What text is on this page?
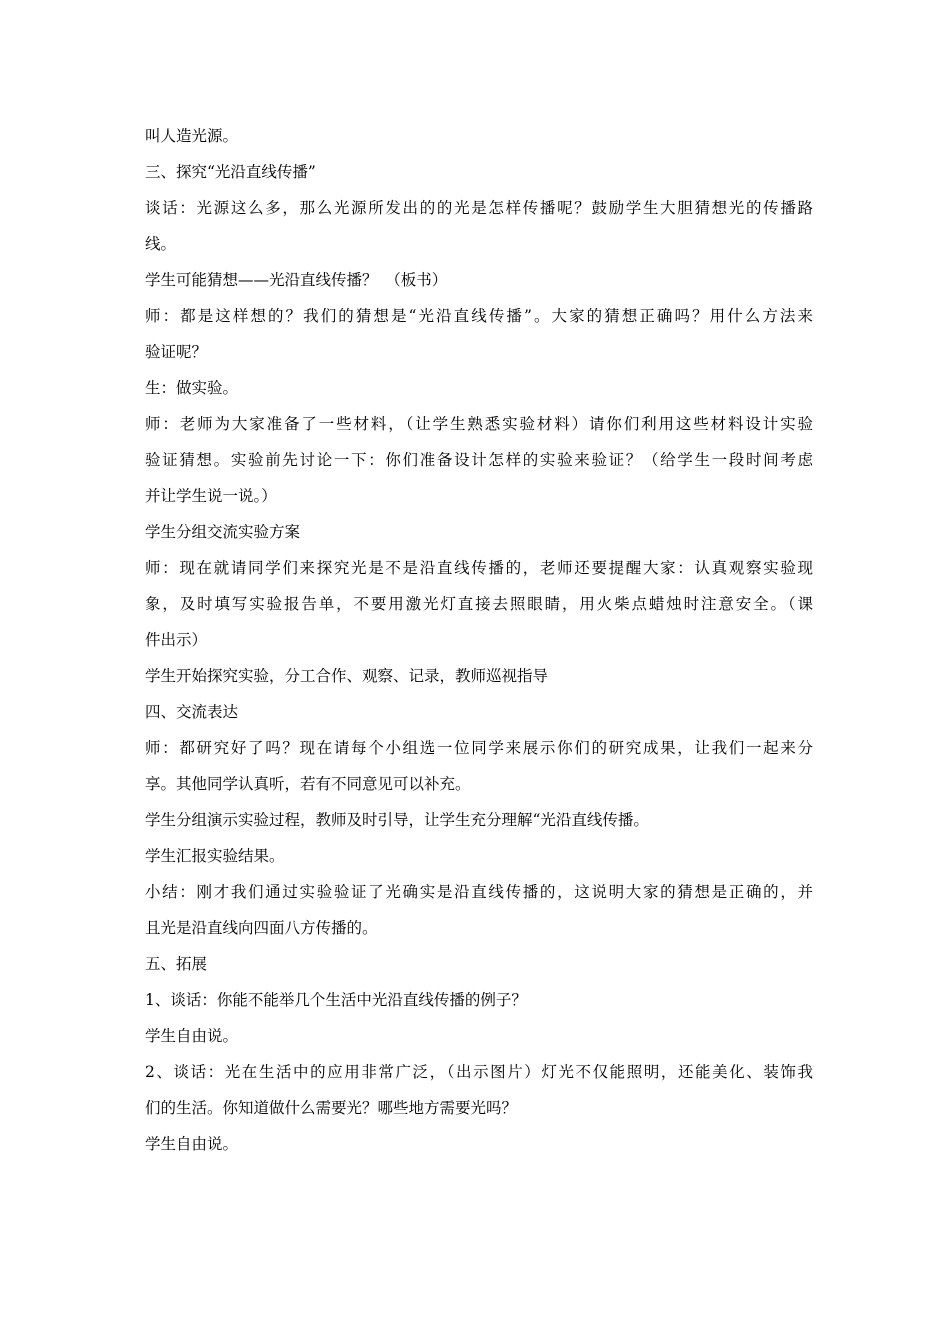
叫人造光源。
三、探究“光沿直线传播”
谈话：光源这么多，那么光源所发出的的光是怎样传播呢？鼓励学生大胆猜想光的传播路
线。
学生可能猜想——光沿直线传播？　（板书）
师：都是这样想的？我们的猜想是“光沿直线传播”。大家的猜想正确吗？用什么方法来
验证呢？
生：做实验。
师：老师为大家准备了一些材料，（让学生熟悉实验材料）请你们利用这些材料设计实验
验证猜想。实验前先讨论一下：你们准备设计怎样的实验来验证？（给学生一段时间考虑
并让学生说一说。）
学生分组交流实验方案
师：现在就请同学们来探究光是不是沿直线传播的，老师还要提醒大家：认真观察实验现
象，及时填写实验报告单，不要用激光灯直接去照眼睛，用火柴点蜡烛时注意安全。（课
件出示）
学生开始探究实验，分工合作、观察、记录，教师巡视指导
四、交流表达
师：都研究好了吗？现在请每个小组选一位同学来展示你们的研究成果，让我们一起来分
享。其他同学认真听，若有不同意见可以补充。
学生分组演示实验过程，教师及时引导，让学生充分理解“光沿直线传播。
学生汇报实验结果。
小结：刚才我们通过实验验证了光确实是沿直线传播的，这说明大家的猜想是正确的，并
且光是沿直线向四面八方传播的。
五、拓展
1、谈话：你能不能举几个生活中光沿直线传播的例子？
学生自由说。
2、谈话：光在生活中的应用非常广泛，（出示图片）灯光不仅能照明，还能美化、装饰我
们的生活。你知道做什么需要光？哪些地方需要光吗？
学生自由说。
